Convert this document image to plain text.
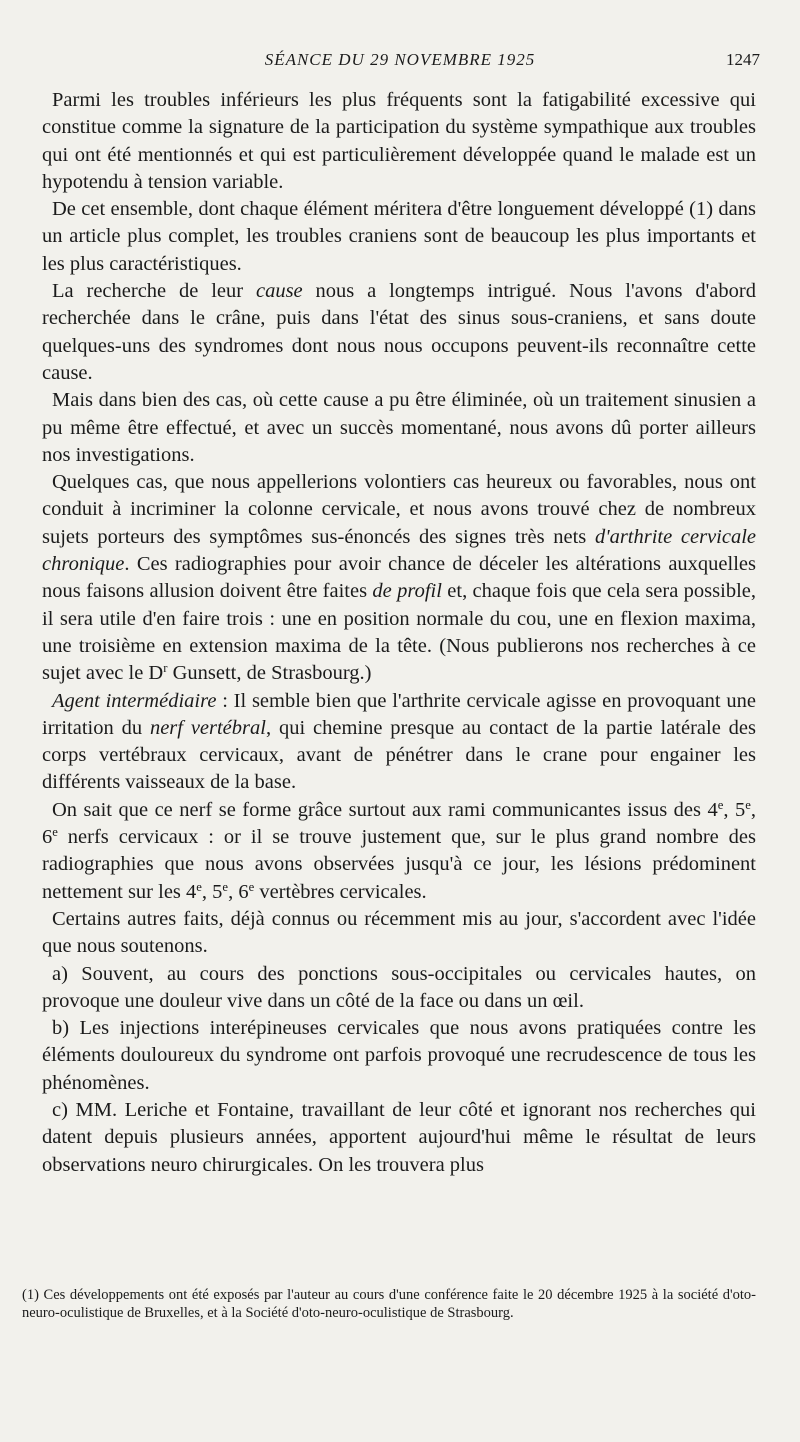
SÉANCE DU 29 NOVEMBRE 1925	1247

Parmi les troubles inférieurs les plus fréquents sont la fatigabilité excessive qui constitue comme la signature de la participation du système sympathique aux troubles qui ont été mentionnés et qui est particulièrement développée quand le malade est un hypotendu à tension variable.

De cet ensemble, dont chaque élément méritera d'être longuement développé (1) dans un article plus complet, les troubles craniens sont de beaucoup les plus importants et les plus caractéristiques.

La recherche de leur cause nous a longtemps intrigué. Nous l'avons d'abord recherchée dans le crâne, puis dans l'état des sinus sous-craniens, et sans doute quelques-uns des syndromes dont nous nous occupons peuvent-ils reconnaître cette cause.

Mais dans bien des cas, où cette cause a pu être éliminée, où un traitement sinusien a pu même être effectué, et avec un succès momentané, nous avons dû porter ailleurs nos investigations.

Quelques cas, que nous appellerions volontiers cas heureux ou favorables, nous ont conduit à incriminer la colonne cervicale, et nous avons trouvé chez de nombreux sujets porteurs des symptômes sus-énoncés des signes très nets d'arthrite cervicale chronique. Ces radiographies pour avoir chance de déceler les altérations auxquelles nous faisons allusion doivent être faites de profil et, chaque fois que cela sera possible, il sera utile d'en faire trois : une en position normale du cou, une en flexion maxima, une troisième en extension maxima de la tête. (Nous publierons nos recherches à ce sujet avec le $D^r$ Gunsett, de Strasbourg.)

Agent intermédiaire : Il semble bien que l'arthrite cervicale agisse en provoquant une irritation du nerf vertébral, qui chemine presque au contact de la partie latérale des corps vertébraux cervicaux, avant de pénétrer dans le crane pour engainer les différents vaisseaux de la base.

On sait que ce nerf se forme grâce surtout aux rami communicantes issus des 4e, 5e, 6e nerfs cervicaux : or il se trouve justement que, sur le plus grand nombre des radiographies que nous avons observées jusqu'à ce jour, les lésions prédominent nettement sur les 4e, 5e, 6e vertèbres cervicales.

Certains autres faits, déjà connus ou récemment mis au jour, s'accordent avec l'idée que nous soutenons.

a) Souvent, au cours des ponctions sous-occipitales ou cervicales hautes, on provoque une douleur vive dans un côté de la face ou dans un œil.

b) Les injections interépineuses cervicales que nous avons pratiquées contre les éléments douloureux du syndrome ont parfois provoqué une recrudescence de tous les phénomènes.

c) MM. Leriche et Fontaine, travaillant de leur côté et ignorant nos recherches qui datent depuis plusieurs années, apportent aujourd'hui même le résultat de leurs observations neuro chirurgicales. On les trouvera plus

(1) Ces développements ont été exposés par l'auteur au cours d'une conférence faite le 20 décembre 1925 à la société d'oto-neuro-oculistique de Bruxelles, et à la Société d'oto-neuro-oculistique de Strasbourg.
